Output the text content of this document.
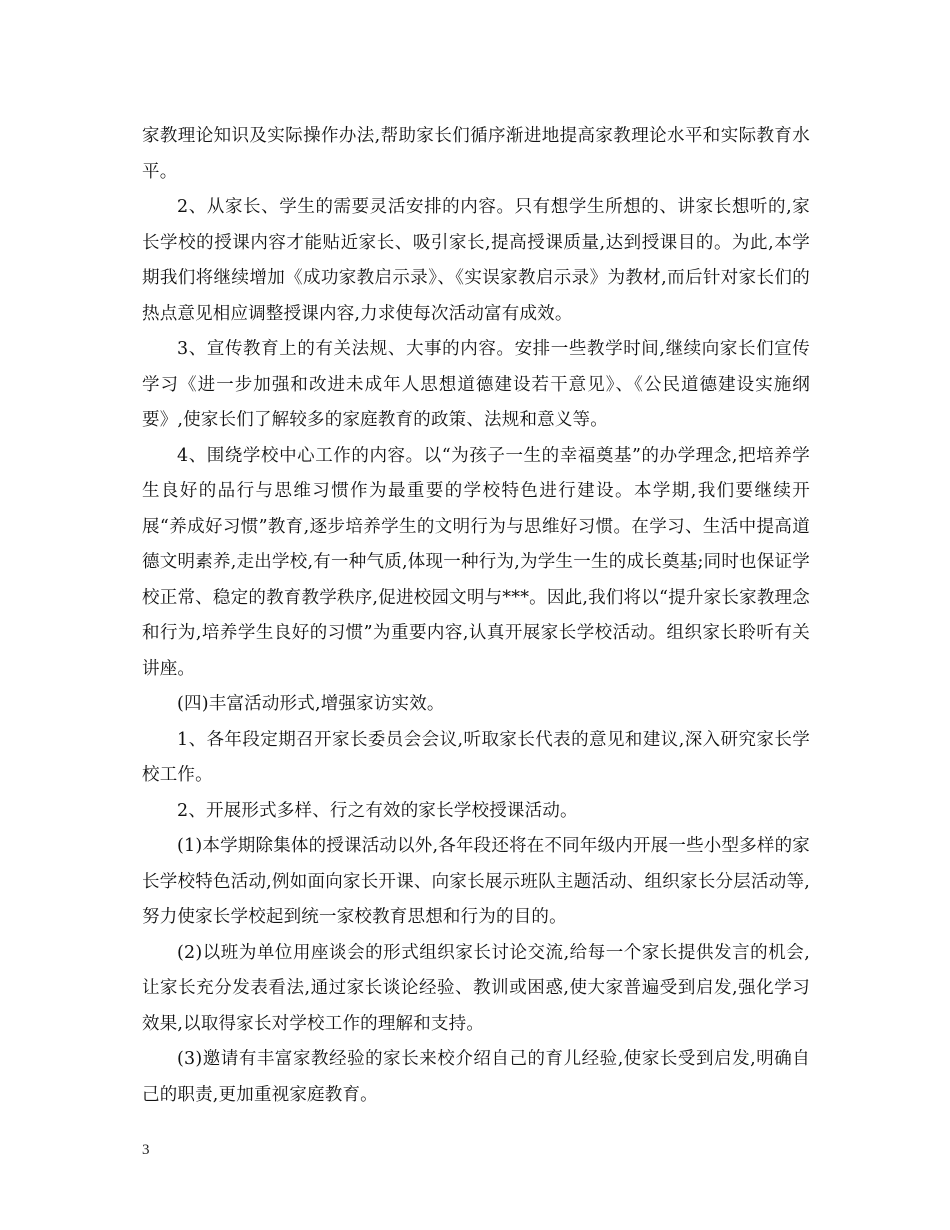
家教理论知识及实际操作办法,帮助家长们循序渐进地提高家教理论水平和实际教育水平。

2、从家长、学生的需要灵活安排的内容。只有想学生所想的、讲家长想听的,家长学校的授课内容才能贴近家长、吸引家长,提高授课质量,达到授课目的。为此,本学期我们将继续增加《成功家教启示录》、《实误家教启示录》为教材,而后针对家长们的热点意见相应调整授课内容,力求使每次活动富有成效。

3、宣传教育上的有关法规、大事的内容。安排一些教学时间,继续向家长们宣传学习《进一步加强和改进未成年人思想道德建设若干意见》、《公民道德建设实施纲要》,使家长们了解较多的家庭教育的政策、法规和意义等。

4、围绕学校中心工作的内容。以“为孩子一生的幸福奠基”的办学理念,把培养学生良好的品行与思维习惯作为最重要的学校特色进行建设。本学期,我们要继续开展“养成好习惯”教育,逐步培养学生的文明行为与思维好习惯。在学习、生活中提高道德文明素养,走出学校,有一种气质,体现一种行为,为学生一生的成长奠基;同时也保证学校正常、稳定的教育教学秩序,促进校园文明与***。因此,我们将以“提升家长家教理念和行为,培养学生良好的习惯”为重要内容,认真开展家长学校活动。组织家长聆听有关讲座。

(四)丰富活动形式,增强家访实效。

1、各年段定期召开家长委员会会议,听取家长代表的意见和建议,深入研究家长学校工作。

2、开展形式多样、行之有效的家长学校授课活动。

(1)本学期除集体的授课活动以外,各年段还将在不同年级内开展一些小型多样的家长学校特色活动,例如面向家长开课、向家长展示班队主题活动、组织家长分层活动等,努力使家长学校起到统一家校教育思想和行为的目的。

(2)以班为单位用座谈会的形式组织家长讨论交流,给每一个家长提供发言的机会,让家长充分发表看法,通过家长谈论经验、教训或困惑,使大家普遍受到启发,强化学习效果,以取得家长对学校工作的理解和支持。

(3)邀请有丰富家教经验的家长来校介绍自己的育儿经验,使家长受到启发,明确自己的职责,更加重视家庭教育。

3
